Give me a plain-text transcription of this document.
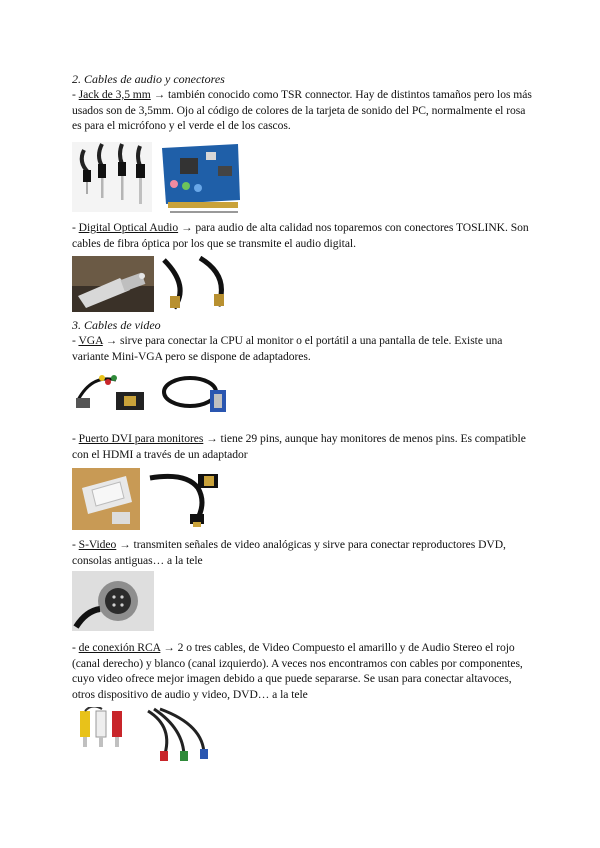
2. Cables de audio y conectores
- Jack de 3,5 mm → también conocido como TSR connector. Hay de distintos tamaños pero los más usados son de 3,5mm. Ojo al código de colores de la tarjeta de sonido del PC, normalmente el rosa es para el micrófono y el verde el de los cascos.
- Digital Optical Audio → para audio de alta calidad nos toparemos con conectores TOSLINK. Son cables de fibra óptica por los que se transmite el audio digital.
3. Cables de video
- VGA → sirve para conectar la CPU al monitor o el portátil a una pantalla de tele. Existe una variante Mini-VGA pero se dispone de adaptadores.
- Puerto DVI para monitores → tiene 29 pins, aunque hay monitores de menos pins. Es compatible con el HDMI a través de un adaptador
- S-Video → transmiten señales de video analógicas y sirve para conectar reproductores DVD, consolas antiguas… a la tele
- de conexión RCA → 2 o tres cables, de Video Compuesto el amarillo y de Audio Stereo el rojo (canal derecho) y blanco (canal izquierdo). A veces nos encontramos con cables por componentes, cuyo video ofrece mejor imagen debido a que puede separarse. Se usan para conectar altavoces, otros dispositivo de audio y video, DVD… a la tele
